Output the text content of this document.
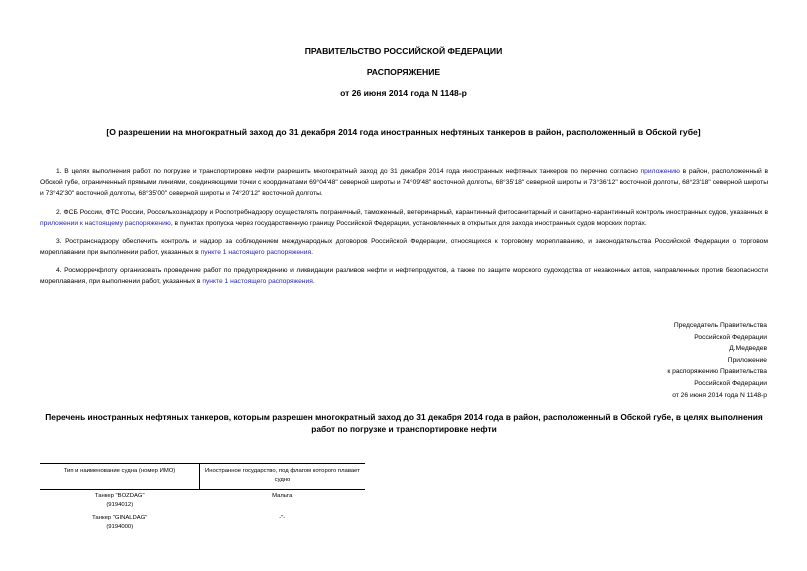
ПРАВИТЕЛЬСТВО РОССИЙСКОЙ ФЕДЕРАЦИИ
РАСПОРЯЖЕНИЕ
от 26 июня 2014 года N 1148-р
[О разрешении на многократный заход до 31 декабря 2014 года иностранных нефтяных танкеров в район, расположенный в Обской губе]
1. В целях выполнения работ по погрузке и транспортировке нефти разрешить многократный заход до 31 декабря 2014 года иностранных нефтяных танкеров по перечню согласно приложению в район, расположенный в Обской губе, ограниченный прямыми линиями, соединяющими точки с координатами 69°04'48" северной широты и 74°09'48" восточной долготы, 68°35'18" северной широты и 73°36'12" восточной долготы, 68°23'18" северной широты и 73°42'30" восточной долготы, 68°35'00" северной широты и 74°20'12" восточной долготы.
2. ФСБ России, ФТС России, Россельхознадзору и Роспотребнадзору осуществлять пограничный, таможенный, ветеринарный, карантинный фитосанитарный и санитарно-карантинный контроль иностранных судов, указанных в приложении к настоящему распоряжению, в пунктах пропуска через государственную границу Российской Федерации, установленных в открытых для захода иностранных судов морских портах.
3. Ространснадзору обеспечить контроль и надзор за соблюдением международных договоров Российской Федерации, относящихся к торговому мореплаванию, и законодательства Российской Федерации о торговом мореплавании при выполнении работ, указанных в пункте 1 настоящего распоряжения.
4. Росморречфлоту организовать проведение работ по предупреждению и ликвидации разливов нефти и нефтепродуктов, а также по защите морского судоходства от незаконных актов, направленных против безопасности мореплавания, при выполнении работ, указанных в пункте 1 настоящего распоряжения.
Председатель Правительства
Российской Федерации
Д.Медведев
Приложение
к распоряжению Правительства
Российской Федерации
от 26 июня 2014 года N 1148-р
Перечень иностранных нефтяных танкеров, которым разрешен многократный заход до 31 декабря 2014 года в район, расположенный в Обской губе, в целях выполнения работ по погрузке и транспортировке нефти
Тип и наименование судна (номер ИМО)	Иностранное государство, под флагом которого плавает судно

Танкер "BOZDAG"
(9194012)	Мальта

Танкер "GINALDAG"
(9194000)	-"-
